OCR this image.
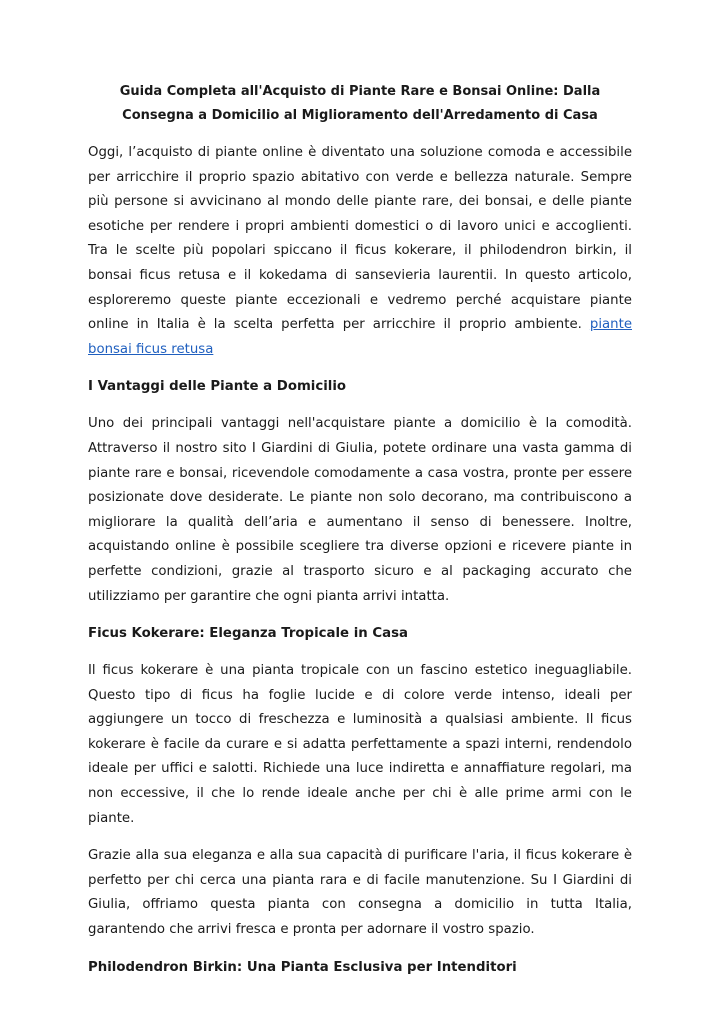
Guida Completa all'Acquisto di Piante Rare e Bonsai Online: Dalla
Consegna a Domicilio al Miglioramento dell'Arredamento di Casa

Oggi, l’acquisto di piante online è diventato una soluzione comoda e accessibile per arricchire il proprio spazio abitativo con verde e bellezza naturale. Sempre più persone si avvicinano al mondo delle piante rare, dei bonsai, e delle piante esotiche per rendere i propri ambienti domestici o di lavoro unici e accoglienti. Tra le scelte più popolari spiccano il ficus kokerare, il philodendron birkin, il bonsai ficus retusa e il kokedama di sansevieria laurentii. In questo articolo, esploreremo queste piante eccezionali e vedremo perché acquistare piante online in Italia è la scelta perfetta per arricchire il proprio ambiente. piante bonsai ficus retusa

I Vantaggi delle Piante a Domicilio

Uno dei principali vantaggi nell'acquistare piante a domicilio è la comodità. Attraverso il nostro sito I Giardini di Giulia, potete ordinare una vasta gamma di piante rare e bonsai, ricevendole comodamente a casa vostra, pronte per essere posizionate dove desiderate. Le piante non solo decorano, ma contribuiscono a migliorare la qualità dell’aria e aumentano il senso di benessere. Inoltre, acquistando online è possibile scegliere tra diverse opzioni e ricevere piante in perfette condizioni, grazie al trasporto sicuro e al packaging accurato che utilizziamo per garantire che ogni pianta arrivi intatta.

Ficus Kokerare: Eleganza Tropicale in Casa

Il ficus kokerare è una pianta tropicale con un fascino estetico ineguagliabile. Questo tipo di ficus ha foglie lucide e di colore verde intenso, ideali per aggiungere un tocco di freschezza e luminosità a qualsiasi ambiente. Il ficus kokerare è facile da curare e si adatta perfettamente a spazi interni, rendendolo ideale per uffici e salotti. Richiede una luce indiretta e annaffiature regolari, ma non eccessive, il che lo rende ideale anche per chi è alle prime armi con le piante.

Grazie alla sua eleganza e alla sua capacità di purificare l'aria, il ficus kokerare è perfetto per chi cerca una pianta rara e di facile manutenzione. Su I Giardini di Giulia, offriamo questa pianta con consegna a domicilio in tutta Italia, garantendo che arrivi fresca e pronta per adornare il vostro spazio.

Philodendron Birkin: Una Pianta Esclusiva per Intenditori
